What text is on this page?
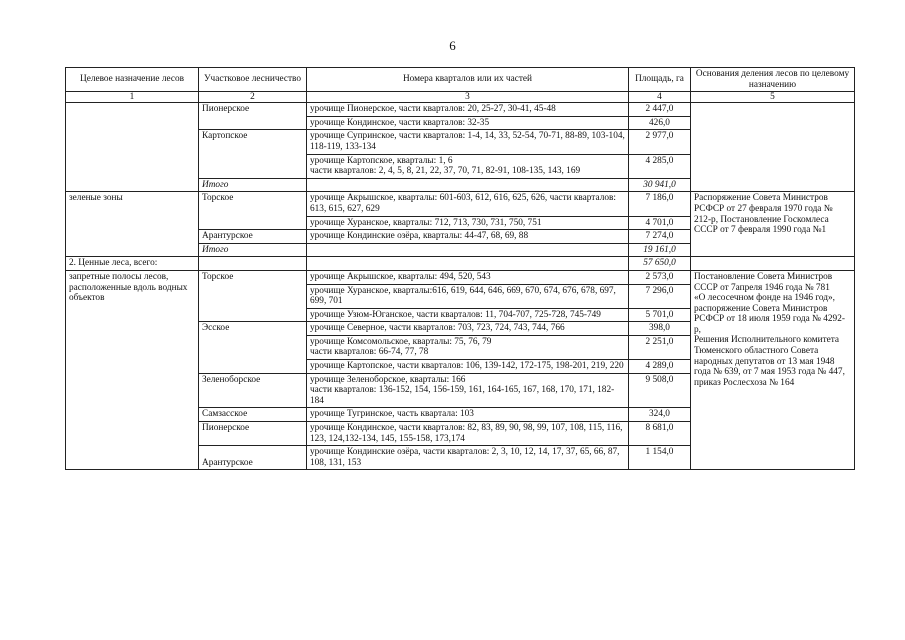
6
Целевое назначение лесов	Участковое лесничество	Номера кварталов или их частей	Площадь, га	Основания деления лесов по целевому назначению
1	2	3	4	5
	Пионерское	урочище Пионерское, части кварталов: 20, 25-27, 30-41, 45-48	2 447,0	
		урочище Кондинское, части кварталов: 32-35	426,0	
	Картопское	урочище Супринское, части кварталов: 1-4, 14, 33, 52-54, 70-71, 88-89, 103-104, 118-119, 133-134	2 977,0	
		урочище Картопское, кварталы: 1, 6
части кварталов: 2, 4, 5, 8, 21, 22, 37, 70, 71, 82-91, 108-135, 143, 169	4 285,0	
	Итого		30 941,0	
зеленые зоны	Торское	урочище Акрышское, кварталы: 601-603, 612, 616, 625, 626, части кварталов: 613, 615, 627, 629	7 186,0	Распоряжение Совета Министров РСФСР от 27 февраля 1970 года № 212-р, Постановление Госкомлеса СССР от 7 февраля 1990 года №1
		урочище Хуранское, кварталы: 712, 713, 730, 731, 750, 751	4 701,0	
	Арантурское	урочище Кондинские озёра, кварталы: 44-47, 68, 69, 88	7 274,0	
	Итого		19 161,0	
2. Ценные леса, всего:			57 650,0	
запретные полосы лесов, расположенные вдоль водных объектов	Торское	урочище Акрышское, кварталы: 494, 520, 543	2 573,0	Постановление Совета Министров СССР от 7апреля 1946 года № 781
«О лесосечном фонде на 1946 год»,
распоряжение Совета Министров РСФСР от 18 июля 1959 года № 4292-р,
Решения Исполнительного комитета Тюменского областного Совета народных депутатов от 13 мая 1948 года № 639, от 7 мая 1953 года № 447,
приказ Рослесхоза № 164
		урочище Хуранское, кварталы:616, 619, 644, 646, 669, 670, 674, 676, 678, 697, 699, 701	7 296,0	
		урочище Узюм-Юганское, части кварталов: 11, 704-707, 725-728, 745-749	5 701,0	
	Эсское	урочище Северное, части кварталов: 703, 723, 724, 743, 744, 766	398,0	
		урочище Комсомольское, кварталы: 75, 76, 79
части кварталов: 66-74, 77, 78	2 251,0	
		урочище Картопское, части кварталов: 106, 139-142, 172-175, 198-201, 219, 220	4 289,0	
	Зеленоборское	урочище Зеленоборское, кварталы: 166
части кварталов: 136-152, 154, 156-159, 161, 164-165, 167, 168, 170, 171, 182-184	9 508,0	
	Самзасское	урочище Тугринское, часть квартала: 103	324,0	
	Пионерское	урочище Кондинское, части кварталов: 82, 83, 89, 90, 98, 99, 107, 108, 115, 116, 123, 124,132-134, 145, 155-158, 173,174	8 681,0	
	Арантурское	урочище Кондинские озёра, части кварталов: 2, 3, 10, 12, 14, 17, 37, 65, 66, 87, 108, 131, 153	1 154,0	
